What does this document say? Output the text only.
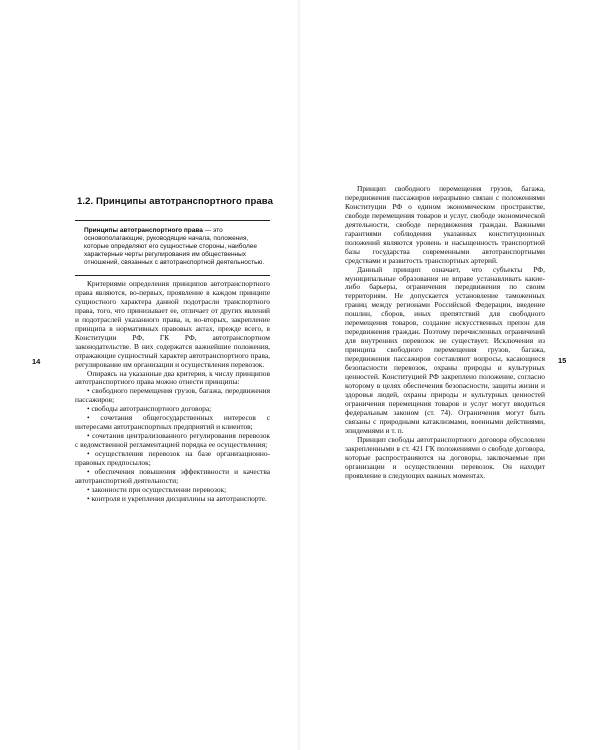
1.2. Принципы автотранспортного права

Принципы автотранспортного права — это основополагающие, руководящие начала, положения, которые определяют его сущностные стороны, наиболее характерные черты регулирования им общественных отношений, связанных с автотранспортной деятельностью.

Критериями определения принципов автотранспортного права являются, во-первых, проявление в каждом принципе сущностного характера данной подотрасли транспортного права, того, что принизывает ее, отличает от других явлений и подотраслей указанного права, и, во-вторых, закрепление принципа в нормативных правовых актах, прежде всего, в Конституции РФ, ГК РФ, автотранспортном законодательстве. В них содержатся важнейшие положения, отражающие сущностный характер автотранспортного права, регулирование им организации и осуществления перевозок.

Опираясь на указанные два критерия, к числу принципов автотранспортного права можно отнести принципы:

• свободного перемещения грузов, багажа, передвижения пассажиров;
• свободы автотранспортного договора;
• сочетания общегосударственных интересов с интересами автотранспортных предприятий и клиентов;
• сочетания централизованного регулирования перевозок с ведомственной регламентацией порядка ее осуществления;
• осуществления перевозок на базе организационно-правовых предпосылок;
• обеспечения повышения эффективности и качества автотранспортной деятельности;
• законности при осуществлении перевозок;
• контроля и укрепления дисциплины на автотранспорте.

Принцип свободного перемещения грузов, багажа, передвижения пассажиров неразрывно связан с положениями Конституции РФ о едином экономическом пространстве, свободе перемещения товаров и услуг, свободе экономической деятельности, свободе передвижения граждан. Важными гарантиями соблюдения указанных конституционных положений являются уровень и насыщенность транспортной базы государства современными автотранспортными средствами и развитость транспортных артерий.

Данный принцип означает, что субъекты РФ, муниципальные образования не вправе устанавливать какие-либо барьеры, ограничения передвижения по своим территориям. Не допускается установление таможенных границ между регионами Российской Федерации, введение пошлин, сборов, иных препятствий для свободного перемещения товаров, создание искусственных препон для передвижения граждан. Поэтому перечисленных ограничений для внутренних перевозок не существует. Исключения из принципа свободного перемещения грузов, багажа, передвижения пассажиров составляют вопросы, касающиеся безопасности перевозок, охраны природы и культурных ценностей. Конституцией РФ закреплено положение, согласно которому в целях обеспечения безопасности, защиты жизни и здоровья людей, охраны природы и культурных ценностей ограничения перемещения товаров и услуг могут вводиться федеральным законом (ст. 74). Ограничения могут быть связаны с природными катаклизмами, военными действиями, эпидемиями и т. п.

Принцип свободы автотранспортного договора обусловлен закрепленными в ст. 421 ГК положениями о свободе договора, которые распространяются на договоры, заключаемые при организации и осуществлении перевозок. Он находит проявление в следующих важных моментах.

14	15
